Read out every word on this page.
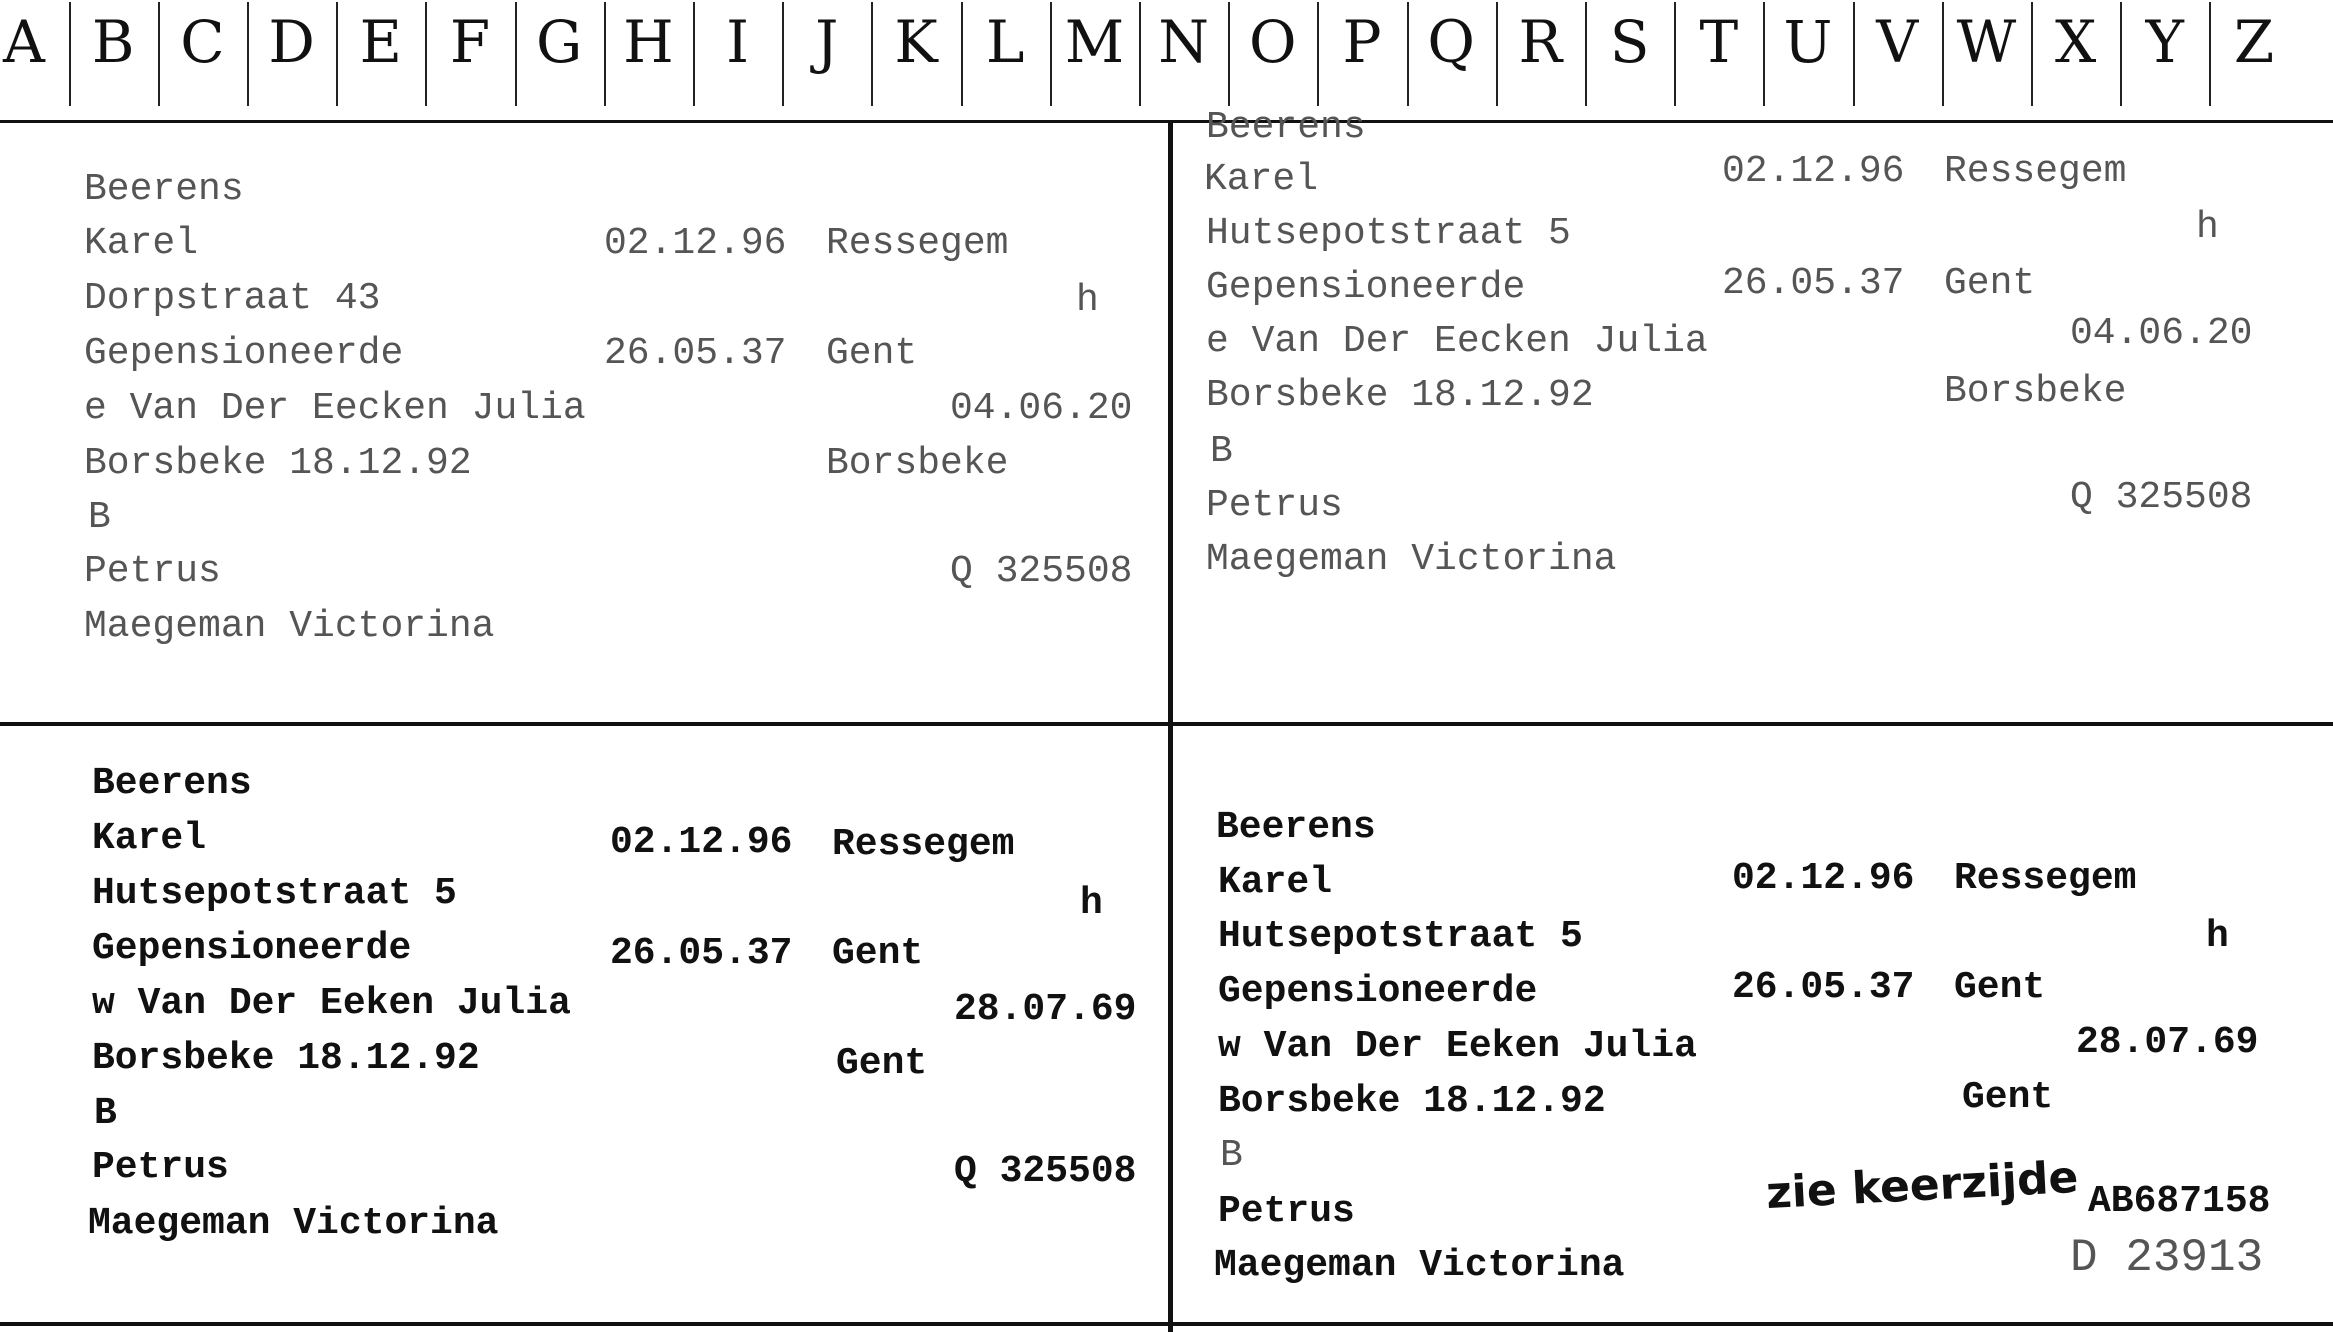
A B C D E F G H I J K L M N O P Q R S T U V W X Y Z
Beerens
Karel	02.12.96 Ressegem
Dorpstraat 43	h
Gepensioneerde	26.05.37 Gent
e Van Der Eecken Julia	04.06.20
Borsbeke 18.12.92	Borsbeke
B
Petrus	Q 325508
Maegeman Victorina
Beerens
Karel	02.12.96 Ressegem
Hutsepotstraat 5	h
Gepensioneerde	26.05.37 Gent
e Van Der Eecken Julia	04.06.20
Borsbeke 18.12.92	Borsbeke
B
Petrus	Q 325508
Maegeman Victorina
Beerens
Karel	02.12.96 Ressegem
Hutsepotstraat 5	h
Gepensioneerde	26.05.37 Gent
w Van Der Eeken Julia	28.07.69
Borsbeke 18.12.92	Gent
B
Petrus	Q 325508
Maegeman Victorina
Beerens
Karel	02.12.96 Ressegem
Hutsepotstraat 5	h
Gepensioneerde	26.05.37 Gent
w Van Der Eeken Julia	28.07.69
Borsbeke 18.12.92	Gent
B	zie keerzijde
Petrus	AB687158
D 23913
Maegeman Victorina
